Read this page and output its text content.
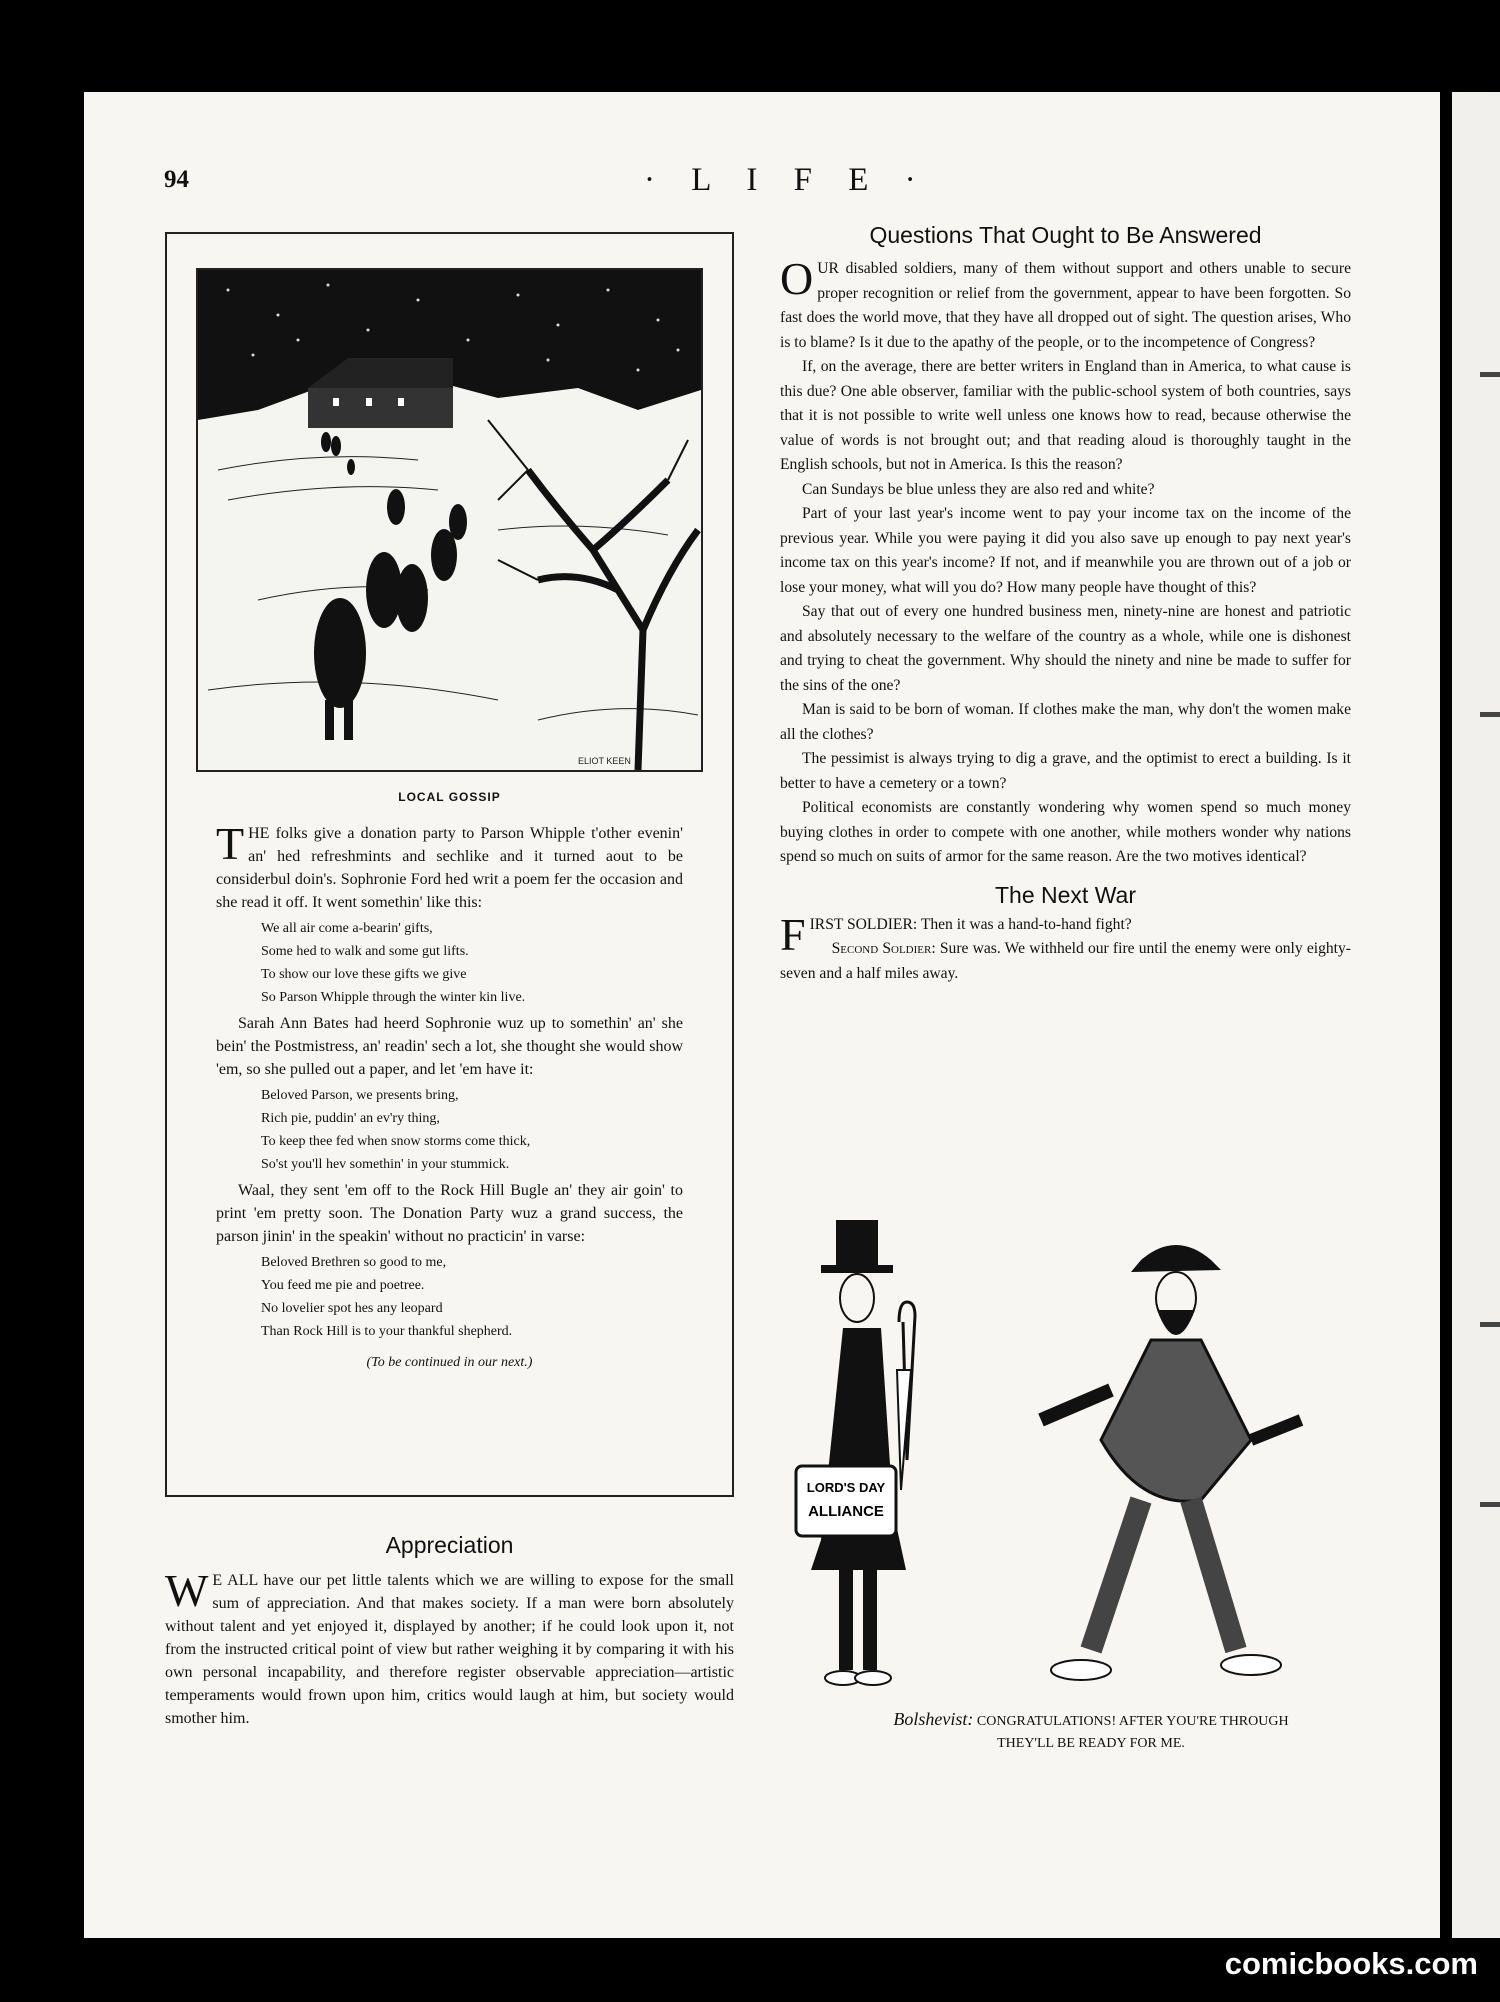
94	· L I F E ·
ELIOT KEEN
LOCAL GOSSIP

THE folks give a donation party to Parson Whipple t'other evenin' an' hed refreshmints and sechlike and it turned aout to be considerbul doin's. Sophronie Ford hed writ a poem fer the occasion and she read it off. It went somethin' like this:

We all air come a-bearin' gifts,
Some hed to walk and some gut lifts.
To show our love these gifts we give
So Parson Whipple through the winter kin live.

Sarah Ann Bates had heerd Sophronie wuz up to somethin' an' she bein' the Postmistress, an' readin' sech a lot, she thought she would show 'em, so she pulled out a paper, and let 'em have it:

Beloved Parson, we presents bring,
Rich pie, puddin' an ev'ry thing,
To keep thee fed when snow storms come thick,
So'st you'll hev somethin' in your stummick.

Waal, they sent 'em off to the Rock Hill Bugle an' they air goin' to print 'em pretty soon. The Donation Party wuz a grand success, the parson jinin' in the speakin' without no practicin' in varse:

Beloved Brethren so good to me,
You feed me pie and poetree.
No lovelier spot hes any leopard
Than Rock Hill is to your thankful shepherd.
(To be continued in our next.)
Appreciation

W E ALL have our pet little talents which we are willing to expose for the small sum of appreciation. And that makes society. If a man were born absolutely without talent and yet enjoyed it, displayed by another; if he could look upon it, not from the instructed critical point of view but rather weighing it by comparing it with his own personal incapability, and therefore register observable appreciation—artistic temperaments would frown upon him, critics would laugh at him, but society would smother him.

Questions That Ought to Be Answered

OUR disabled soldiers, many of them without support and others unable to secure proper recognition or relief from the government, appear to have been forgotten. So fast does the world move, that they have all dropped out of sight. The question arises, Who is to blame? Is it due to the apathy of the people, or to the incompetence of Congress?

If, on the average, there are better writers in England than in America, to what cause is this due? One able observer, familiar with the public-school system of both countries, says that it is not possible to write well unless one knows how to read, because otherwise the value of words is not brought out; and that reading aloud is thoroughly taught in the English schools, but not in America. Is this the reason?

Can Sundays be blue unless they are also red and white?

Part of your last year's income went to pay your income tax on the income of the previous year. While you were paying it did you also save up enough to pay next year's income tax on this year's income? If not, and if meanwhile you are thrown out of a job or lose your money, what will you do? How many people have thought of this?

Say that out of every one hundred business men, ninety-nine are honest and patriotic and absolutely necessary to the welfare of the country as a whole, while one is dishonest and trying to cheat the government. Why should the ninety and nine be made to suffer for the sins of the one?

Man is said to be born of woman. If clothes make the man, why don't the women make all the clothes?

The pessimist is always trying to dig a grave, and the optimist to erect a building. Is it better to have a cemetery or a town?

Political economists are constantly wondering why women spend so much money buying clothes in order to compete with one another, while mothers wonder why nations spend so much on suits of armor for the same reason. Are the two motives identical?

The Next War

FIRST SOLDIER: Then it was a hand-to-hand fight?

Second Soldier: Sure was. We withheld our fire until the enemy were only eighty-seven and a half miles away.

LORD'S DAY
ALLIANCE
Bolshevist: CONGRATULATIONS! AFTER YOU'RE THROUGH
THEY'LL BE READY FOR ME.
comicbooks.com
